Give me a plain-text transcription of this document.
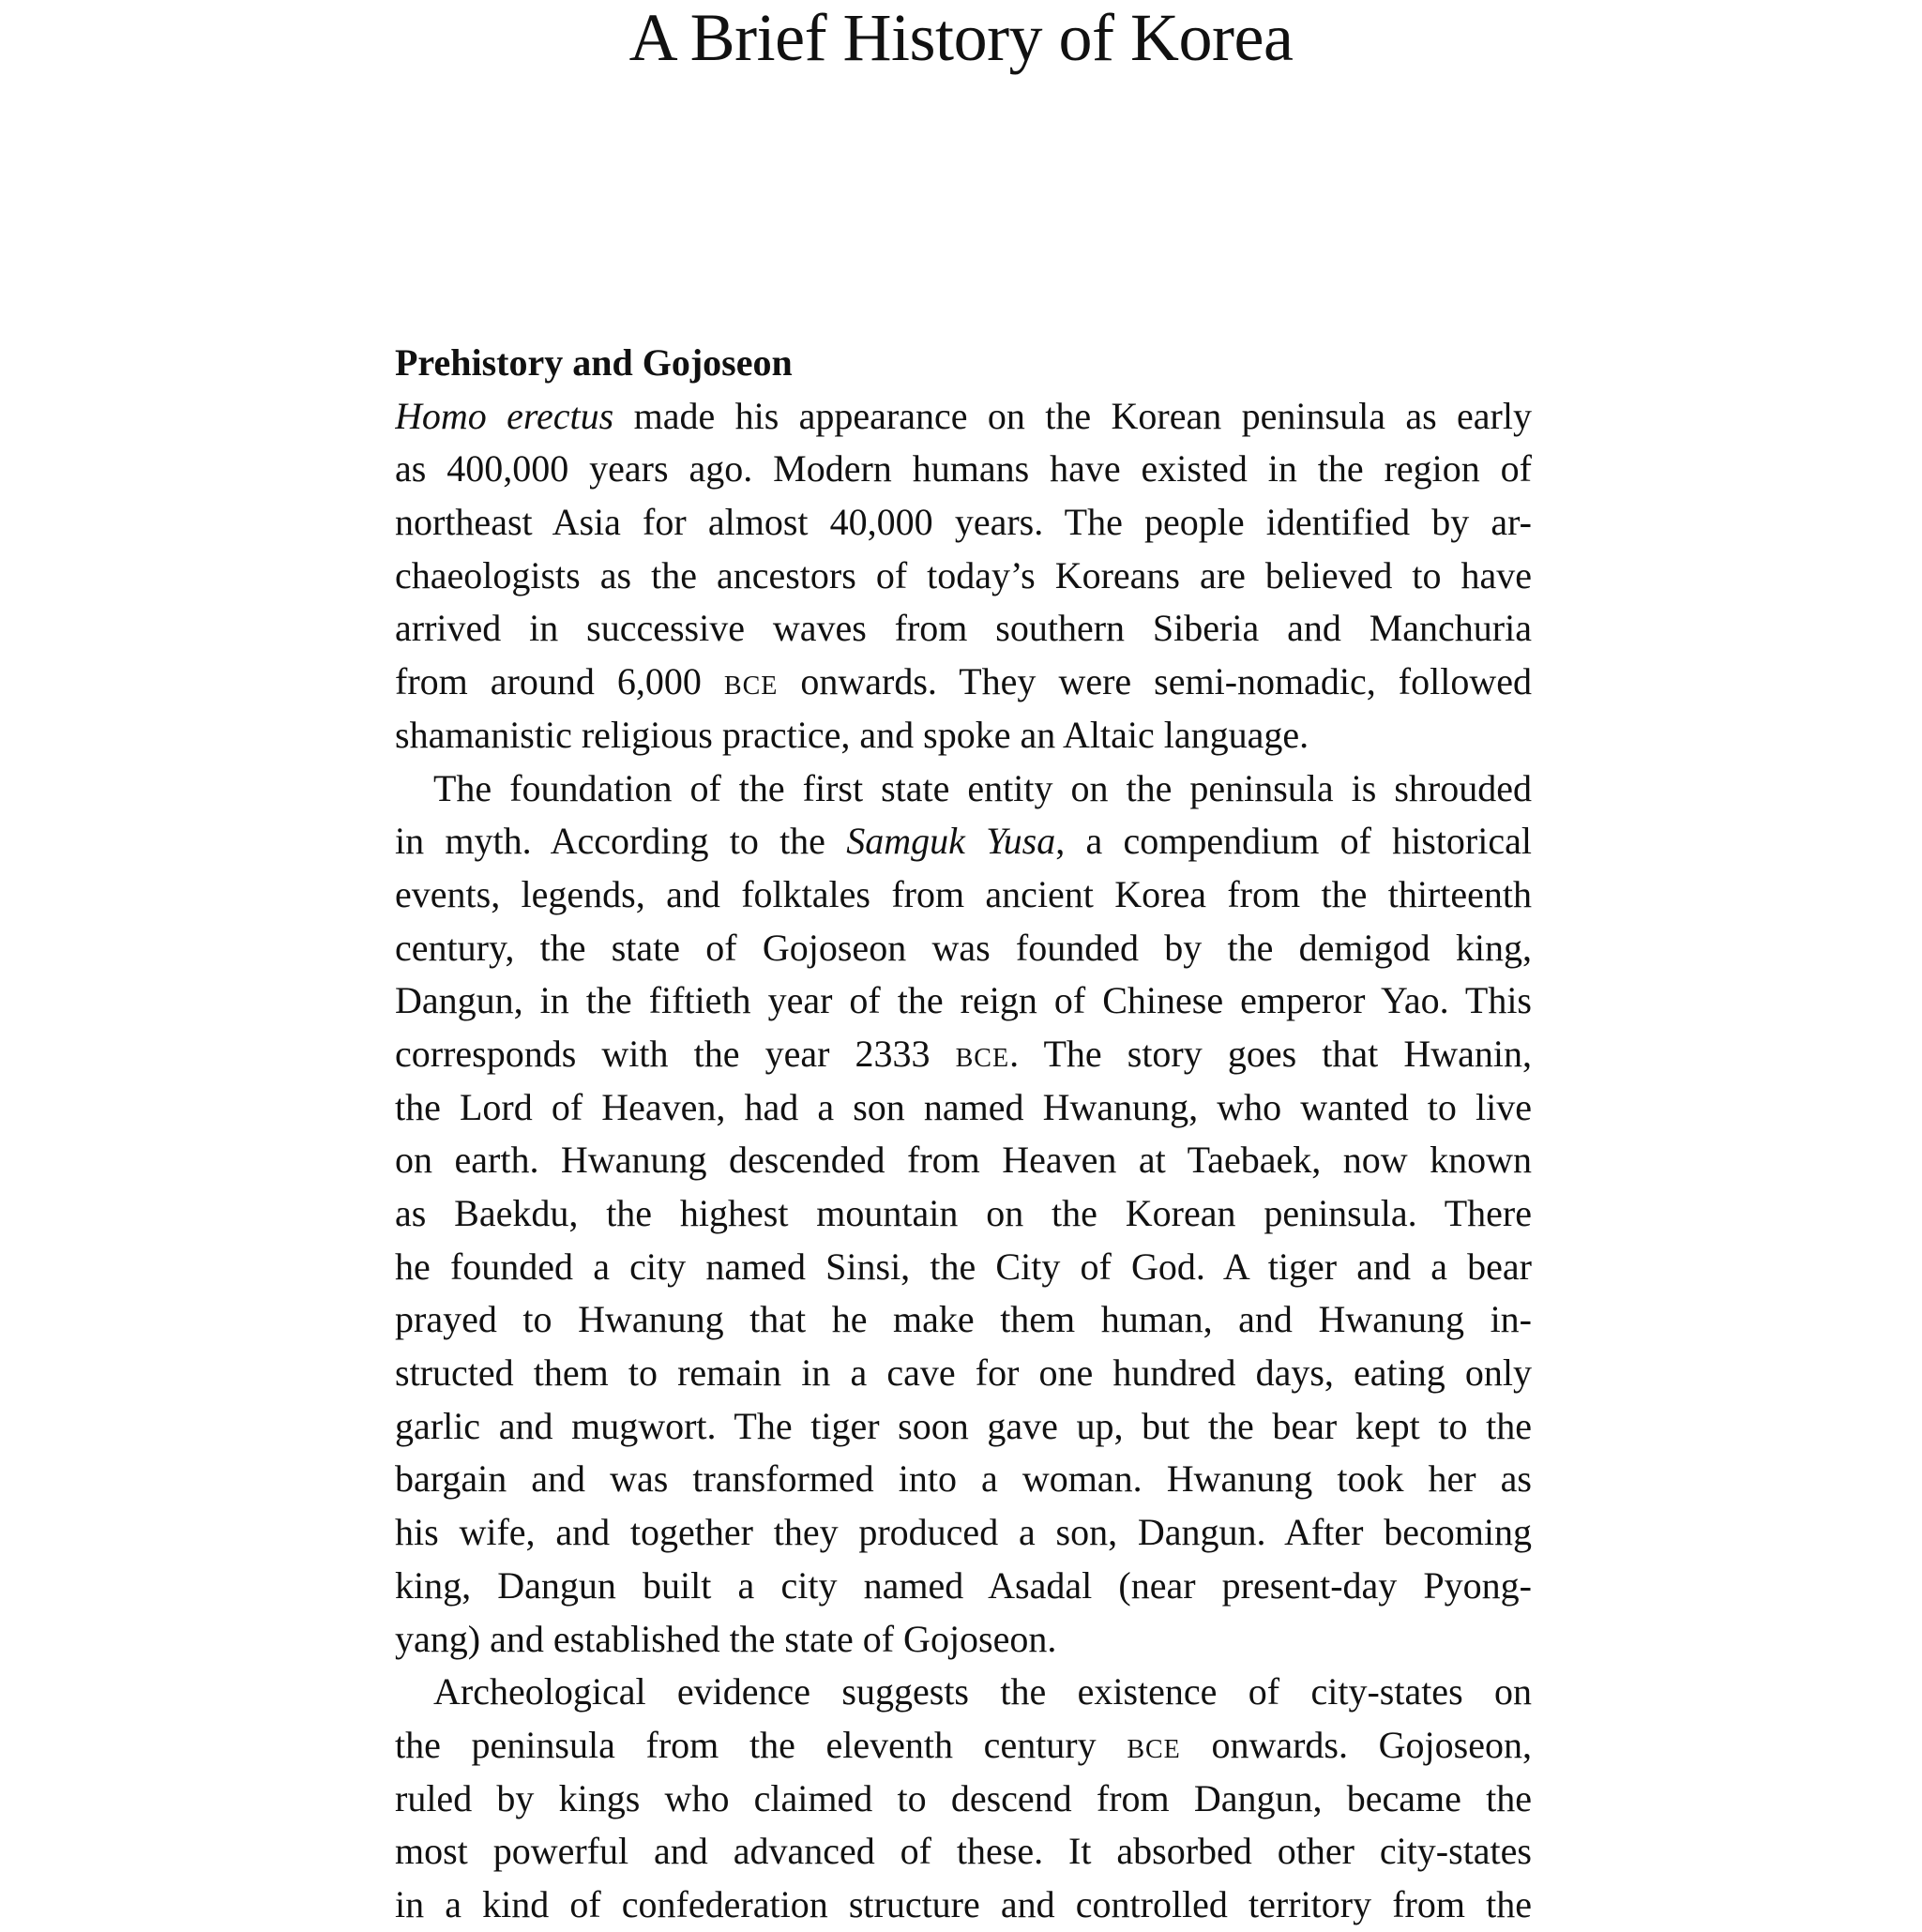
A Brief History of Korea
Prehistory and Gojoseon
Homo erectus made his appearance on the Korean peninsula as early
as 400,000 years ago. Modern humans have existed in the region of
northeast Asia for almost 40,000 years. The people identified by ar-
chaeologists as the ancestors of today’s Koreans are believed to have
arrived in successive waves from southern Siberia and Manchuria
from around 6,000 bce onwards. They were semi-nomadic, followed
shamanistic religious practice, and spoke an Altaic language.
The foundation of the first state entity on the peninsula is shrouded
in myth. According to the Samguk Yusa, a compendium of historical
events, legends, and folktales from ancient Korea from the thirteenth
century, the state of Gojoseon was founded by the demigod king,
Dangun, in the fiftieth year of the reign of Chinese emperor Yao. This
corresponds with the year 2333 bce. The story goes that Hwanin,
the Lord of Heaven, had a son named Hwanung, who wanted to live
on earth. Hwanung descended from Heaven at Taebaek, now known
as Baekdu, the highest mountain on the Korean peninsula. There
he founded a city named Sinsi, the City of God. A tiger and a bear
prayed to Hwanung that he make them human, and Hwanung in-
structed them to remain in a cave for one hundred days, eating only
garlic and mugwort. The tiger soon gave up, but the bear kept to the
bargain and was transformed into a woman. Hwanung took her as
his wife, and together they produced a son, Dangun. After becoming
king, Dangun built a city named Asadal (near present-day Pyong-
yang) and established the state of Gojoseon.
Archeological evidence suggests the existence of city-states on
the peninsula from the eleventh century bce onwards. Gojoseon,
ruled by kings who claimed to descend from Dangun, became the
most powerful and advanced of these. It absorbed other city-states
in a kind of confederation structure and controlled territory from the
